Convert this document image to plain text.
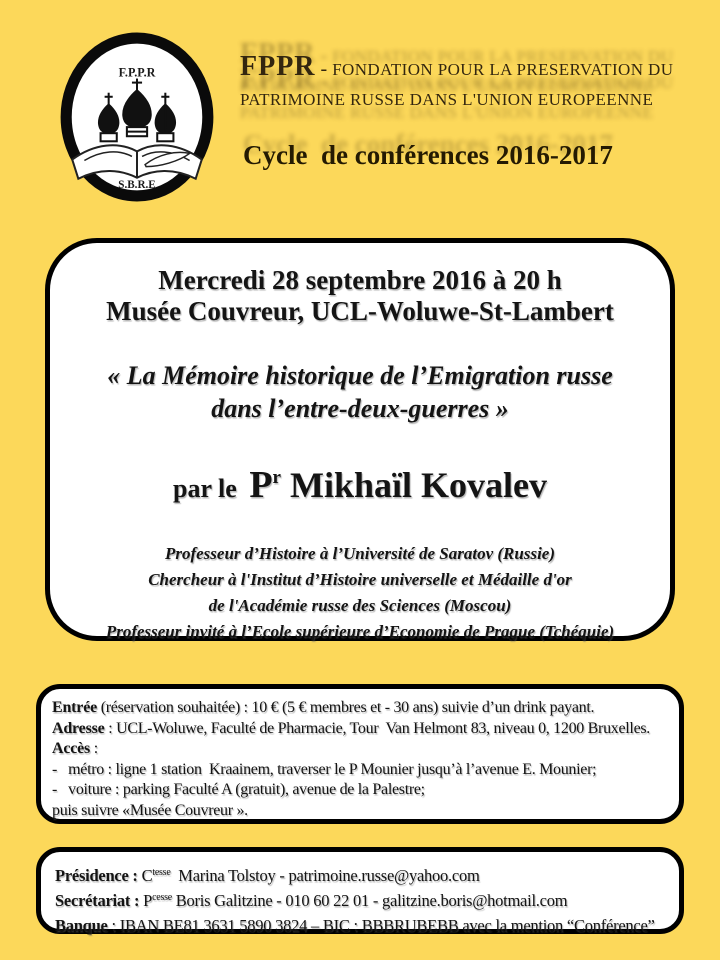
F.P.P.R
S.B.R.E
FPPR - FONDATION POUR LA PRESERVATION DU
PATRIMOINE RUSSE DANS L'UNION EUROPEENNE
Cycle  de conférences 2016-2017
Mercredi 28 septembre 2016 à 20 h
Musée Couvreur, UCL-Woluwe-St-Lambert
« La Mémoire historique de l’Emigration russe
dans l’entre-deux-guerres »
par le $P^r$ Mikhaïl Kovalev
Professeur d’Histoire à l’Université de Saratov (Russie)
Chercheur à l'Institut d’Histoire universelle et Médaille d'or
de l'Académie russe des Sciences (Moscou)
Professeur invité à l’Ecole supérieure d’Economie de Prague (Tchéquie)
Entrée (réservation souhaitée) : 10 € (5 € membres et - 30 ans) suivie d’un drink payant.
Adresse : UCL-Woluwe, Faculté de Pharmacie, Tour  Van Helmont 83, niveau 0, 1200 Bruxelles.
Accès :
-   métro : ligne 1 station  Kraainem, traverser le P Mounier jusqu’à l’avenue E. Mounier;
-   voiture : parking Faculté A (gratuit), avenue de la Palestre;
puis suivre «Musée Couvreur ».
Présidence : $C^{tesse}$  Marina Tolstoy - patrimoine.russe@yahoo.com
Secrétariat : $P^{cesse}$ Boris Galitzine - 010 60 22 01 - galitzine.boris@hotmail.com
Banque : IBAN BE81 3631 5890 3824 – BIC : BBBRUBEBB avec la mention “Conférence”
